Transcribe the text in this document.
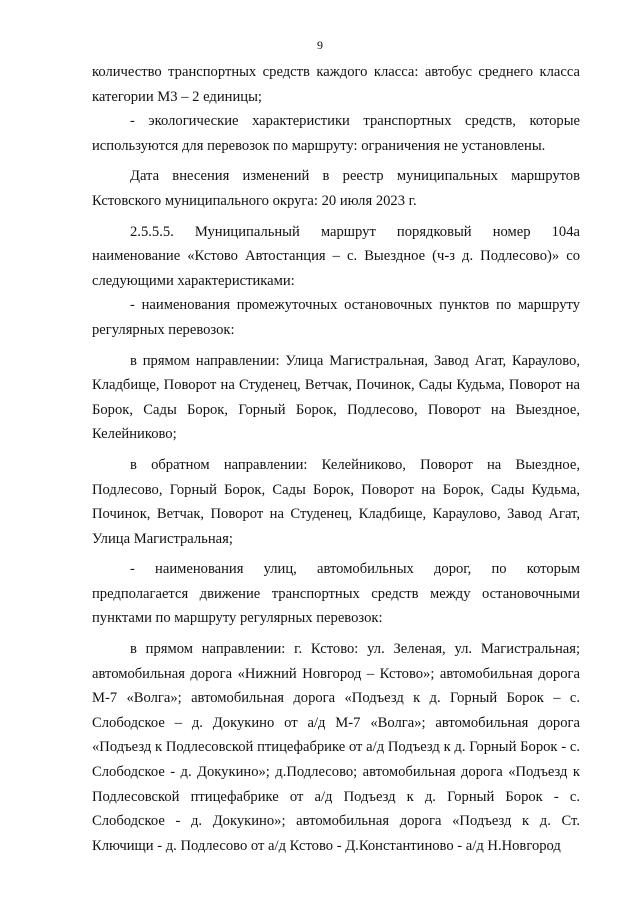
9

количество транспортных средств каждого класса: автобус среднего класса категории М3 – 2 единицы;

- экологические характеристики транспортных средств, которые используются для перевозок по маршруту: ограничения не установлены.

Дата внесения изменений в реестр муниципальных маршрутов Кстовского муниципального округа: 20 июля 2023 г.

2.5.5.5. Муниципальный маршрут порядковый номер 104а наименование «Кстово Автостанция – с. Выездное (ч-з д. Подлесово)» со следующими характеристиками:

- наименования промежуточных остановочных пунктов по маршруту регулярных перевозок:

в прямом направлении: Улица Магистральная, Завод Агат, Караулово, Кладбище, Поворот на Студенец, Ветчак, Починок, Сады Кудьма, Поворот на Борок, Сады Борок, Горный Борок, Подлесово, Поворот на Выездное, Келейниково;

в обратном направлении: Келейниково, Поворот на Выездное, Подлесово, Горный Борок, Сады Борок, Поворот на Борок, Сады Кудьма, Починок, Ветчак, Поворот на Студенец, Кладбище, Караулово, Завод Агат, Улица Магистральная;

- наименования улиц, автомобильных дорог, по которым предполагается движение транспортных средств между остановочными пунктами по маршруту регулярных перевозок:

в прямом направлении: г. Кстово: ул. Зеленая, ул. Магистральная; автомобильная дорога «Нижний Новгород – Кстово»; автомобильная дорога М-7 «Волга»; автомобильная дорога «Подъезд к д. Горный Борок – с. Слободское – д. Докукино от а/д М-7 «Волга»; автомобильная дорога «Подъезд к Подлесовской птицефабрике от а/д Подъезд к д. Горный Борок - с. Слободское - д. Докукино»; д.Подлесово; автомобильная дорога «Подъезд к Подлесовской птицефабрике от а/д Подъезд к д. Горный Борок - с. Слободское - д. Докукино»; автомобильная дорога «Подъезд к д. Ст. Ключищи - д. Подлесово от а/д Кстово - Д.Константиново - а/д Н.Новгород
